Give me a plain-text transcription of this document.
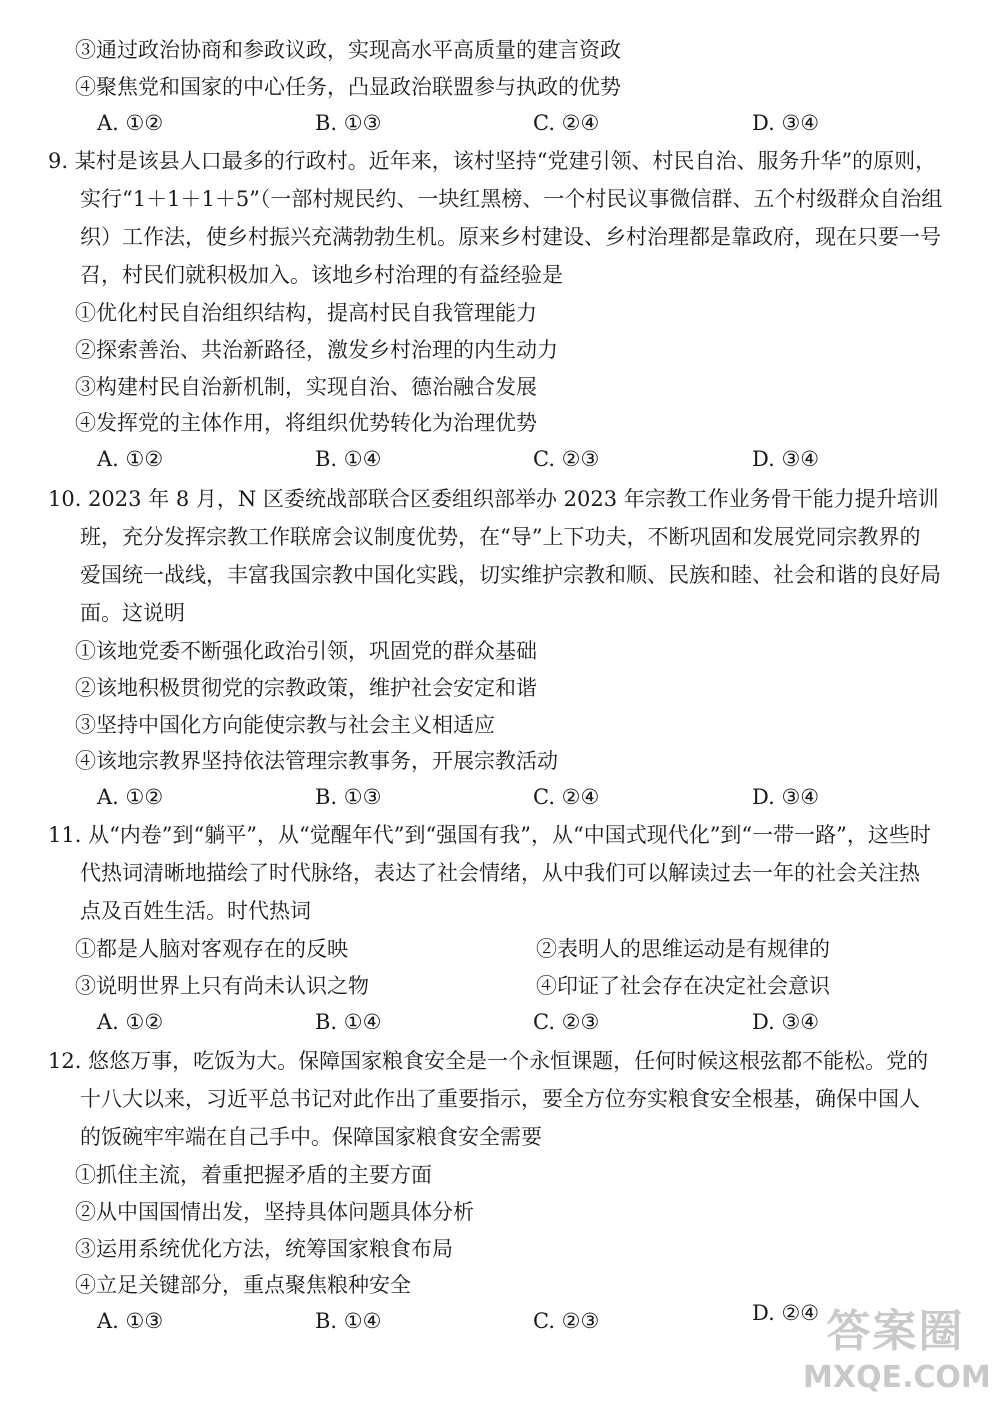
③通过政治协商和参政议政，实现高水平高质量的建言资政
④聚焦党和国家的中心任务，凸显政治联盟参与执政的优势
A. ①②	B. ①③	C. ②④	D. ③④
9. 某村是该县人口最多的行政村。近年来，该村坚持“党建引领、村民自治、服务升华”的原则，
实行“1＋1＋1＋5”（一部村规民约、一块红黑榜、一个村民议事微信群、五个村级群众自治组
织）工作法，使乡村振兴充满勃勃生机。原来乡村建设、乡村治理都是靠政府，现在只要一号
召，村民们就积极加入。该地乡村治理的有益经验是
①优化村民自治组织结构，提高村民自我管理能力
②探索善治、共治新路径，激发乡村治理的内生动力
③构建村民自治新机制，实现自治、德治融合发展
④发挥党的主体作用，将组织优势转化为治理优势
A. ①②	B. ①④	C. ②③	D. ③④
10. 2023 年 8 月，N 区委统战部联合区委组织部举办 2023 年宗教工作业务骨干能力提升培训
班，充分发挥宗教工作联席会议制度优势，在“导”上下功夫，不断巩固和发展党同宗教界的
爱国统一战线，丰富我国宗教中国化实践，切实维护宗教和顺、民族和睦、社会和谐的良好局
面。这说明
①该地党委不断强化政治引领，巩固党的群众基础
②该地积极贯彻党的宗教政策，维护社会安定和谐
③坚持中国化方向能使宗教与社会主义相适应
④该地宗教界坚持依法管理宗教事务，开展宗教活动
A. ①②	B. ①③	C. ②④	D. ③④
11. 从“内卷”到“躺平”，从“觉醒年代”到“强国有我”，从“中国式现代化”到“一带一路”，这些时
代热词清晰地描绘了时代脉络，表达了社会情绪，从中我们可以解读过去一年的社会关注热
点及百姓生活。时代热词
①都是人脑对客观存在的反映	②表明人的思维运动是有规律的
③说明世界上只有尚未认识之物	④印证了社会存在决定社会意识
A. ①②	B. ①④	C. ②③	D. ③④
12. 悠悠万事，吃饭为大。保障国家粮食安全是一个永恒课题，任何时候这根弦都不能松。党的
十八大以来，习近平总书记对此作出了重要指示，要全方位夯实粮食安全根基，确保中国人
的饭碗牢牢端在自己手中。保障国家粮食安全需要
①抓住主流，着重把握矛盾的主要方面
②从中国国情出发，坚持具体问题具体分析
③运用系统优化方法，统筹国家粮食布局
④立足关键部分，重点聚焦粮种安全
A. ①③	B. ①④	C. ②③	D. ②④ 答案圈
MXQE.COM
